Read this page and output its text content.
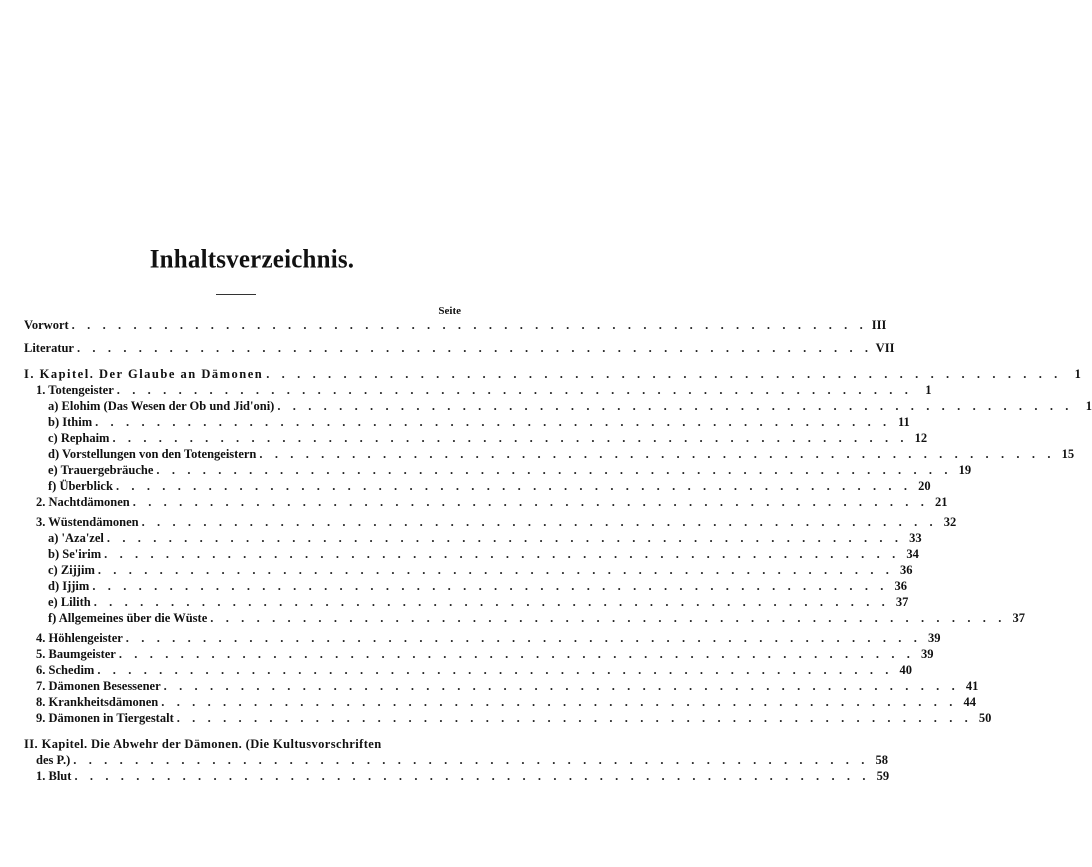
Inhaltsverzeichnis.
Seite
Vorwort . . . . . . . . . . . . . . . . . . . . . . . . . . . . . . . . . . . . . . . . . . . . . . . . . . . . III
Literatur . . . . . . . . . . . . . . . . . . . . . . . . . . . . . . . . . . . . . . . . . . . . . . . . . . . . VII
I. Kapitel. Der Glaube an Dämonen . . . . . . . . . . . . . . . . . . . . . . . . . . . . . . . . . . . . . . . . . . . . . . . . . . . .	1
1. Totengeister . . . . . . . . . . . . . . . . . . . . . . . . . . . . . . . . . . . . . . . . . . . . . . . . . . . .	1
a) Elohim (Das Wesen der Ob und Jid'oni) . . . . . . . . . . . . . . . . . . . . . . . . . . . . . . . . . . . . . . . . . . . . . . . . . . . .	1
b) Ithim . . . . . . . . . . . . . . . . . . . . . . . . . . . . . . . . . . . . . . . . . . . . . . . . . . . . 11
c) Rephaim . . . . . . . . . . . . . . . . . . . . . . . . . . . . . . . . . . . . . . . . . . . . . . . . . . . . 12
d) Vorstellungen von den Totengeistern . . . . . . . . . . . . . . . . . . . . . . . . . . . . . . . . . . . . . . . . . . . . . . . . . . . . 15
e) Trauergebräuche . . . . . . . . . . . . . . . . . . . . . . . . . . . . . . . . . . . . . . . . . . . . . . . . . . . . 19
f) Überblick . . . . . . . . . . . . . . . . . . . . . . . . . . . . . . . . . . . . . . . . . . . . . . . . . . . . 20
2. Nachtdämonen . . . . . . . . . . . . . . . . . . . . . . . . . . . . . . . . . . . . . . . . . . . . . . . . . . . . 21
3. Wüstendämonen . . . . . . . . . . . . . . . . . . . . . . . . . . . . . . . . . . . . . . . . . . . . . . . . . . . . 32
a) 'Aza'zel . . . . . . . . . . . . . . . . . . . . . . . . . . . . . . . . . . . . . . . . . . . . . . . . . . . . 33
b) Se'irim . . . . . . . . . . . . . . . . . . . . . . . . . . . . . . . . . . . . . . . . . . . . . . . . . . . . 34
c) Zijjim . . . . . . . . . . . . . . . . . . . . . . . . . . . . . . . . . . . . . . . . . . . . . . . . . . . . 36
d) Ijjim . . . . . . . . . . . . . . . . . . . . . . . . . . . . . . . . . . . . . . . . . . . . . . . . . . . . 36
e) Lilith . . . . . . . . . . . . . . . . . . . . . . . . . . . . . . . . . . . . . . . . . . . . . . . . . . . . 37
f) Allgemeines über die Wüste . . . . . . . . . . . . . . . . . . . . . . . . . . . . . . . . . . . . . . . . . . . . . . . . . . . . 37
4. Höhlengeister . . . . . . . . . . . . . . . . . . . . . . . . . . . . . . . . . . . . . . . . . . . . . . . . . . . . 39
5. Baumgeister . . . . . . . . . . . . . . . . . . . . . . . . . . . . . . . . . . . . . . . . . . . . . . . . . . . . 39
6. Schedim . . . . . . . . . . . . . . . . . . . . . . . . . . . . . . . . . . . . . . . . . . . . . . . . . . . . 40
7. Dämonen Besessener . . . . . . . . . . . . . . . . . . . . . . . . . . . . . . . . . . . . . . . . . . . . . . . . . . . . 41
8. Krankheitsdämonen . . . . . . . . . . . . . . . . . . . . . . . . . . . . . . . . . . . . . . . . . . . . . . . . . . . . 44
9. Dämonen in Tiergestalt . . . . . . . . . . . . . . . . . . . . . . . . . . . . . . . . . . . . . . . . . . . . . . . . . . . . 50
II. Kapitel. Die Abwehr der Dämonen. (Die Kultusvorschriften
des P.) . . . . . . . . . . . . . . . . . . . . . . . . . . . . . . . . . . . . . . . . . . . . . . . . . . . . 58
1. Blut . . . . . . . . . . . . . . . . . . . . . . . . . . . . . . . . . . . . . . . . . . . . . . . . . . . . 59
